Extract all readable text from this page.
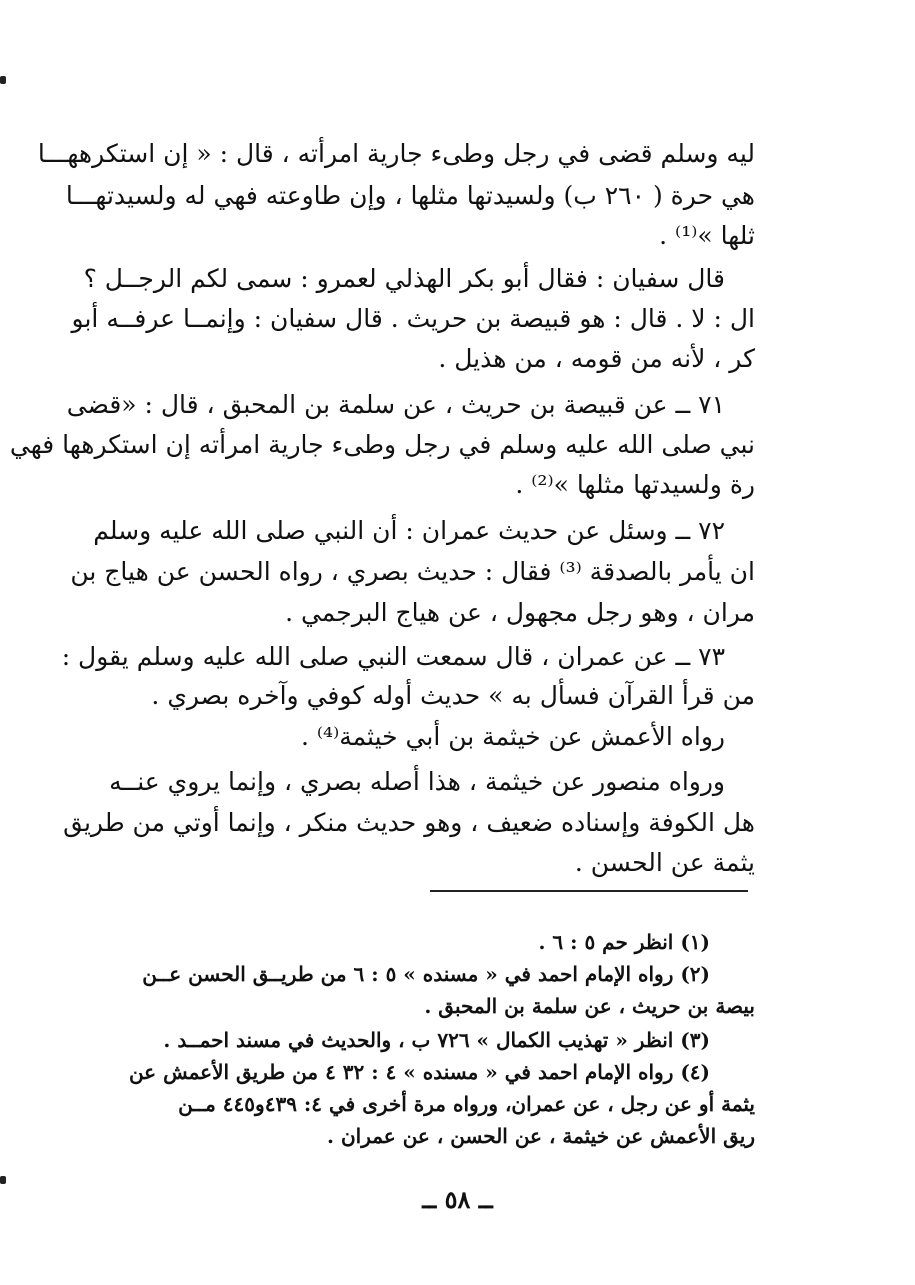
ليه وسلم قضى في رجل وطىء جارية امرأته ، قال : « إن استكرههـــا
هي حرة ( ٢٦٠ ب) ولسيدتها مثلها ، وإن طاوعته فهي له ولسيدتهـــا
ثلها »⁽¹⁾ .
قال سفيان : فقال أبو بكر الهذلي لعمرو : سمى لكم الرجــل ؟
ال : لا . قال : هو قبيصة بن حريث . قال سفيان : وإنمــا عرفــه أبو
كر ، لأنه من قومه ، من هذيل .
٧١ ــ عن قبيصة بن حريث ، عن سلمة بن المحبق ، قال : «قضى
نبي صلى الله عليه وسلم في رجل وطىء جارية امرأته إن استكرهها فهي
رة ولسيدتها مثلها »⁽²⁾ .
٧٢ ــ وسئل عن حديث عمران : أن النبي صلى الله عليه وسلم
ان يأمر بالصدقة ⁽³⁾ فقال : حديث بصري ، رواه الحسن عن هياج بن
مران ، وهو رجل مجهول ، عن هياج البرجمي .
٧٣ ــ عن عمران ، قال سمعت النبي صلى الله عليه وسلم يقول :
من قرأ القرآن فسأل به » حديث أوله كوفي وآخره بصري .
رواه الأعمش عن خيثمة بن أبي خيثمة⁽⁴⁾ .
ورواه منصور عن خيثمة ، هذا أصله بصري ، وإنما يروي عنــه
هل الكوفة وإسناده ضعيف ، وهو حديث منكر ، وإنما أوتي من طريق
يثمة عن الحسن .
(١) انظر حم ٥ : ٦ .
(٢) رواه الإمام احمد في « مسنده » ٥ : ٦ من طريــق الحسن عــن
بيصة بن حريث ، عن سلمة بن المحبق .
(٣) انظر « تهذيب الكمال » ٧٢٦ ب ، والحديث في مسند احمــد .
(٤) رواه الإمام احمد في « مسنده » ٤ : ٣٢ ٤ من طريق الأعمش عن
يثمة أو عن رجل ، عن عمران، ورواه مرة أخرى في ٤: ٤٣٩و٤٤٥ مــن
ريق الأعمش عن خيثمة ، عن الحسن ، عن عمران .
ــ ٥٨ ــ
